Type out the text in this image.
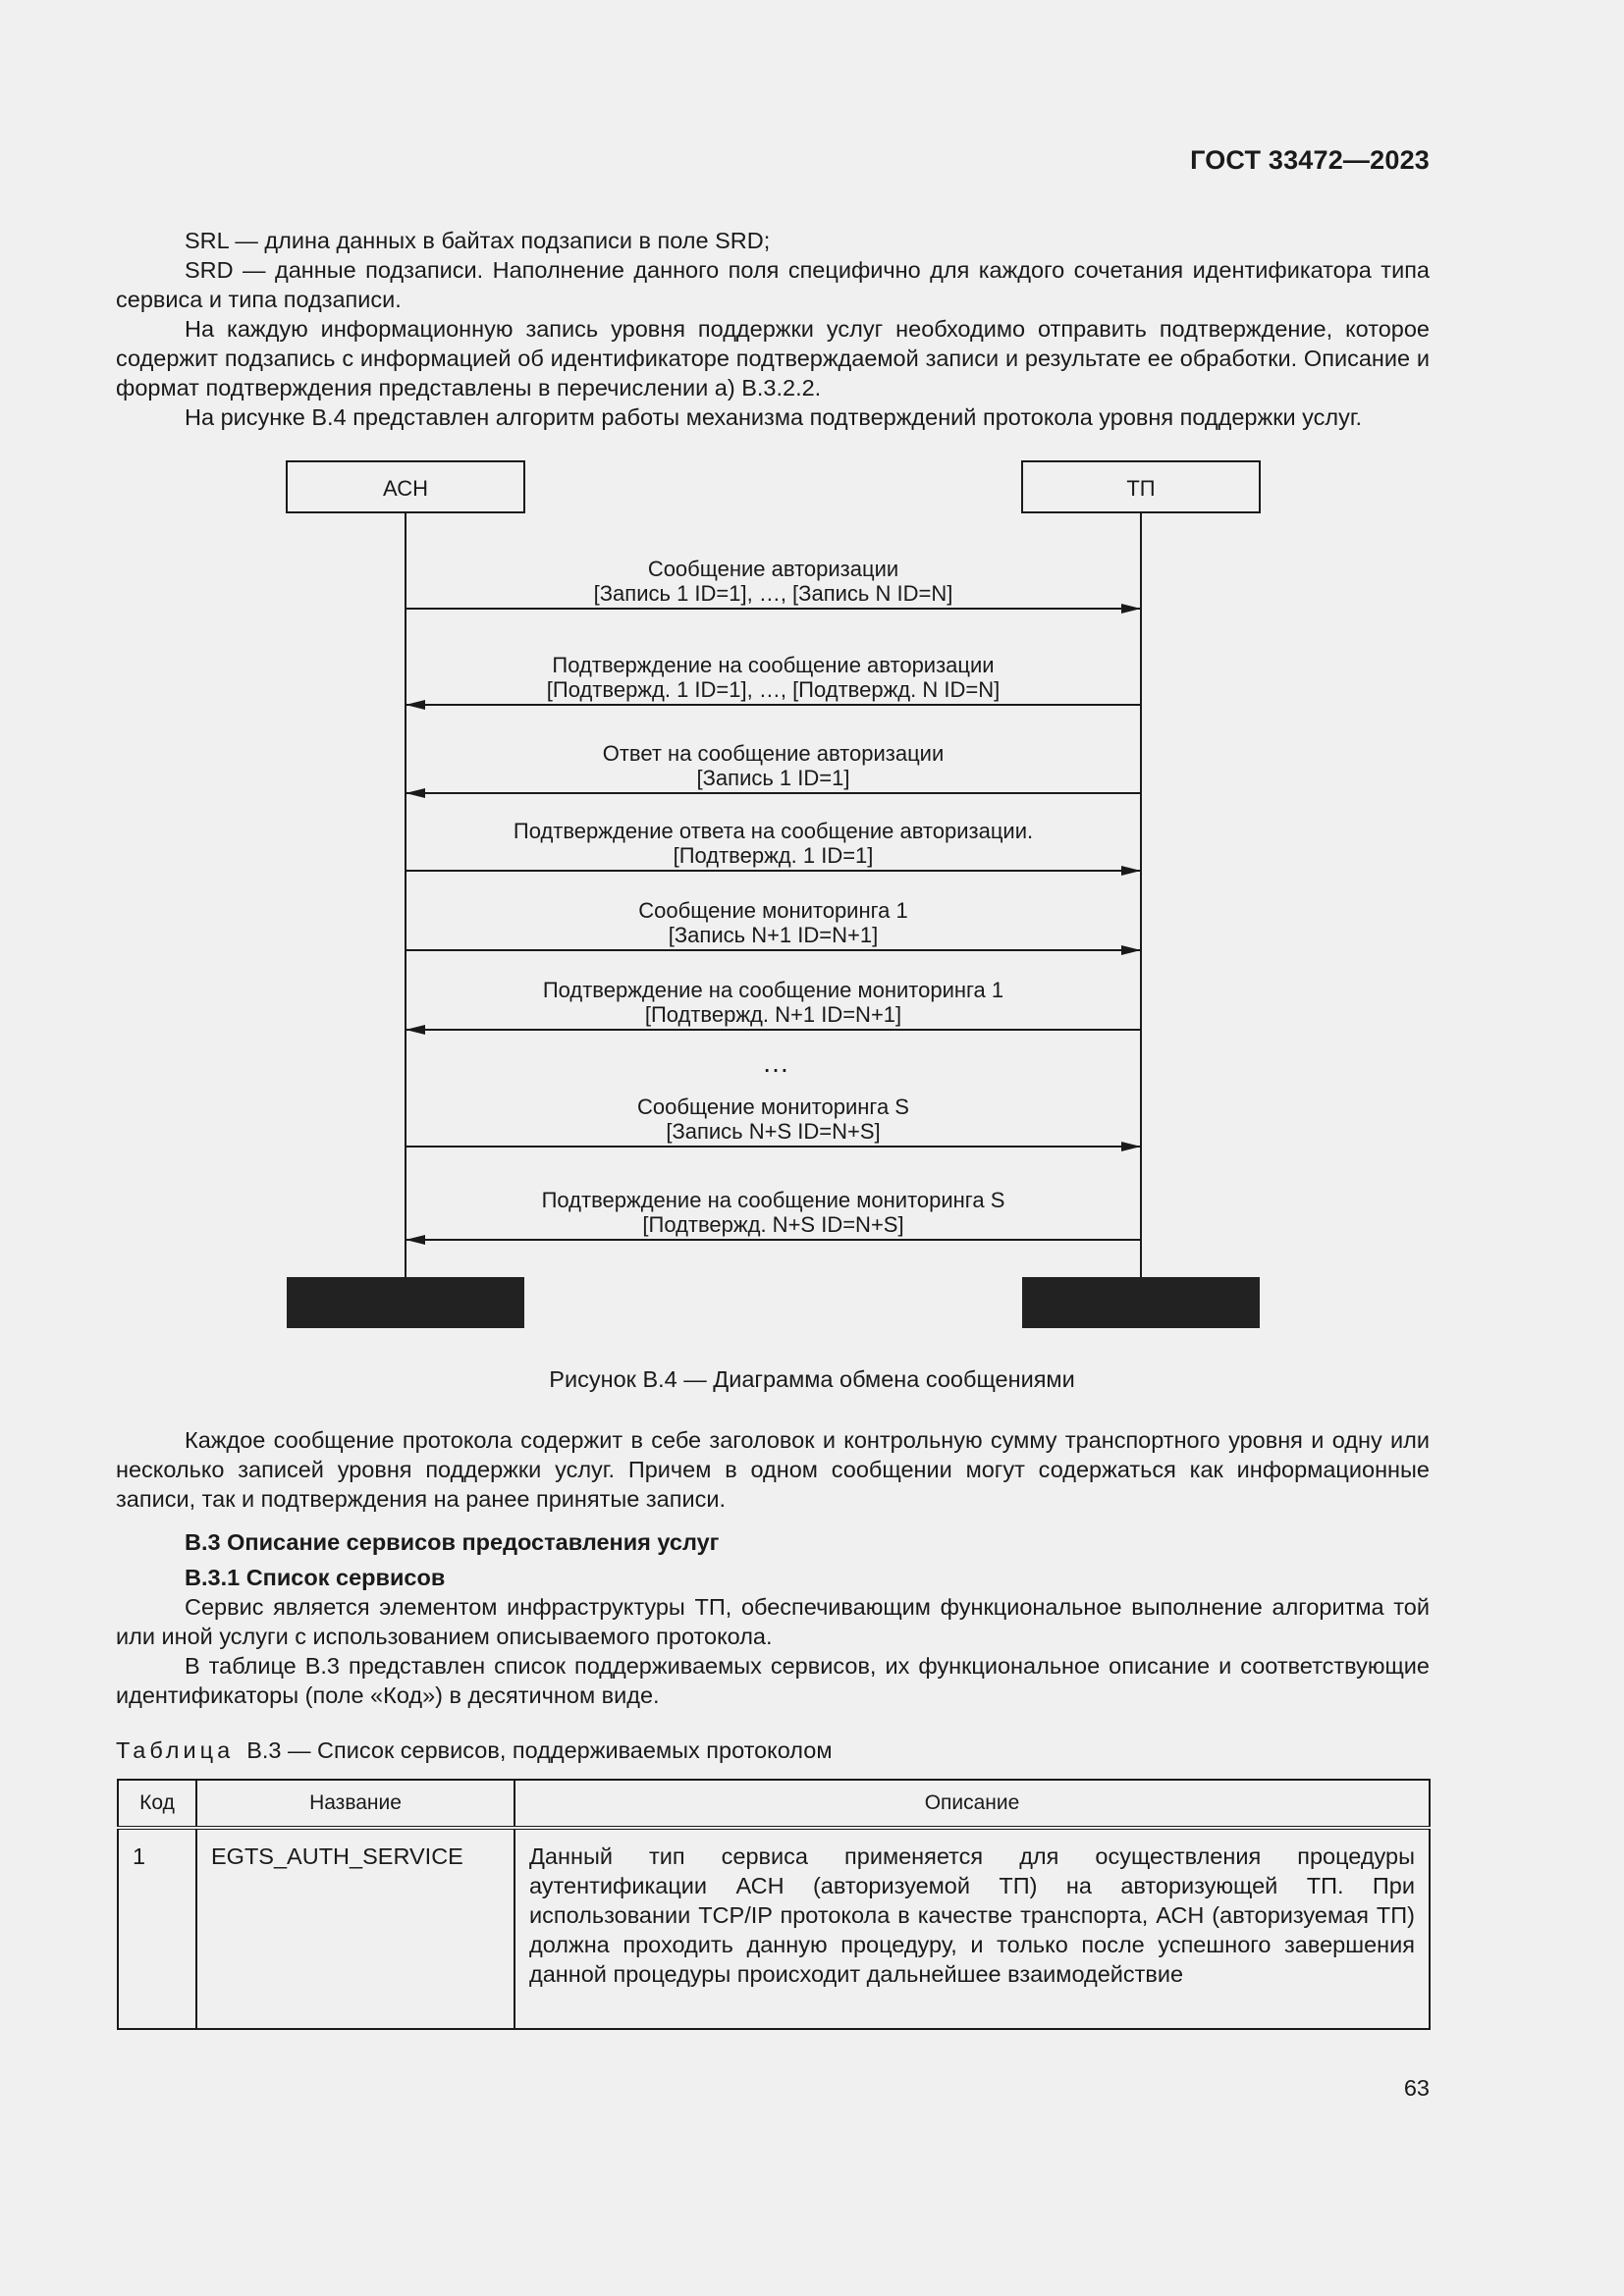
ГОСТ 33472—2023

SRL — длина данных в байтах подзаписи в поле SRD;

SRD — данные подзаписи. Наполнение данного поля специфично для каждого сочетания идентификатора типа сервиса и типа подзаписи.

На каждую информационную запись уровня поддержки услуг необходимо отправить подтверждение, которое содержит подзапись с информацией об идентификаторе подтверждаемой записи и результате ее обработки. Описание и формат подтверждения представлены в перечислении а) В.3.2.2.

На рисунке В.4 представлен алгоритм работы механизма подтверждений протокола уровня поддержки услуг.

АСН	ТП
Сообщение авторизации
[Запись 1 ID=1], …, [Запись N ID=N]
Подтверждение на сообщение авторизации
[Подтвержд. 1 ID=1], …, [Подтвержд. N ID=N]
Ответ на сообщение авторизации
[Запись 1 ID=1]
Подтверждение ответа на сообщение авторизации.
[Подтвержд. 1 ID=1]
Сообщение мониторинга 1
[Запись N+1 ID=N+1]
Подтверждение на сообщение мониторинга 1
[Подтвержд. N+1 ID=N+1]
Сообщение мониторинга S
[Запись N+S ID=N+S]
Подтверждение на сообщение мониторинга S
[Подтвержд. N+S ID=N+S]
…
Рисунок В.4 — Диаграмма обмена сообщениями

Каждое сообщение протокола содержит в себе заголовок и контрольную сумму транспортного уровня и одну или несколько записей уровня поддержки услуг. Причем в одном сообщении могут содержаться как информационные записи, так и подтверждения на ранее принятые записи.

В.3 Описание сервисов предоставления услуг

В.3.1 Список сервисов

Сервис является элементом инфраструктуры ТП, обеспечивающим функциональное выполнение алгоритма той или иной услуги с использованием описываемого протокола.

В таблице В.3 представлен список поддерживаемых сервисов, их функциональное описание и соответствующие идентификаторы (поле «Код») в десятичном виде.

Таблица В.3 — Список сервисов, поддерживаемых протоколом
Код	Название	Описание
1	EGTS_AUTH_SERVICE	Данный тип сервиса применяется для осуществления процедуры аутентификации АСН (авторизуемой ТП) на авторизующей ТП. При использовании TCP/IP протокола в качестве транспорта, АСН (авторизуемая ТП) должна проходить данную процедуру, и только после успешного завершения данной процедуры происходит дальнейшее взаимодействие
63
